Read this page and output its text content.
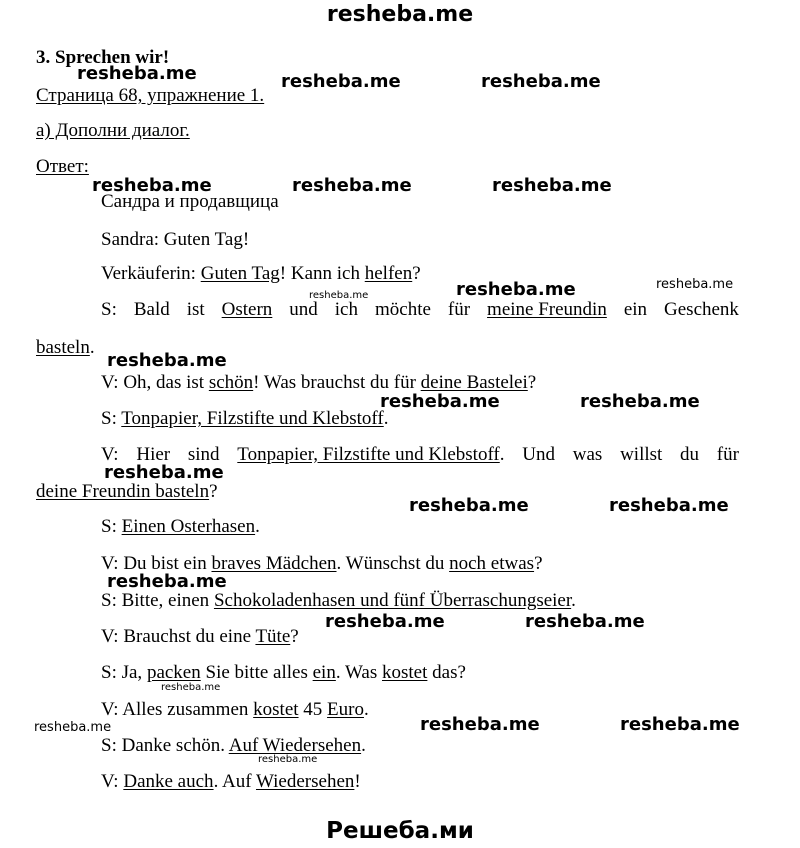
resheba.me
3. Sprechen wir!
Страница 68, упражнение 1.
a) Дополни диалог.
Ответ:
Сандра и продавщица
Sandra: Guten Tag!
Verkäuferin: Guten Tag! Kann ich helfen?
S: Bald ist Ostern und ich möchte für meine Freundin ein Geschenk
basteln.
V: Oh, das ist schön! Was brauchst du für deine Bastelei?
S: Tonpapier, Filzstifte und Klebstoff.
V: Hier sind Tonpapier, Filzstifte und Klebstoff. Und was willst du für
deine Freundin basteln?
S: Einen Osterhasen.
V: Du bist ein braves Mädchen. Wünschst du noch etwas?
S: Bitte, einen Schokoladenhasen und fünf Überraschungseier.
V: Brauchst du eine Tüte?
S: Ja, packen Sie bitte alles ein. Was kostet das?
V: Alles zusammen kostet 45 Euro.
S: Danke schön. Auf Wiedersehen.
V: Danke auch. Auf Wiedersehen!
resheba.me	resheba.me	resheba.me
resheba.me	resheba.me	resheba.me
resheba.me	resheba.me
resheba.me
resheba.me
resheba.me	resheba.me
resheba.me
resheba.me	resheba.me
resheba.me
resheba.me	resheba.me
resheba.me
resheba.me	resheba.me	resheba.me
resheba.me
Решеба.ми
